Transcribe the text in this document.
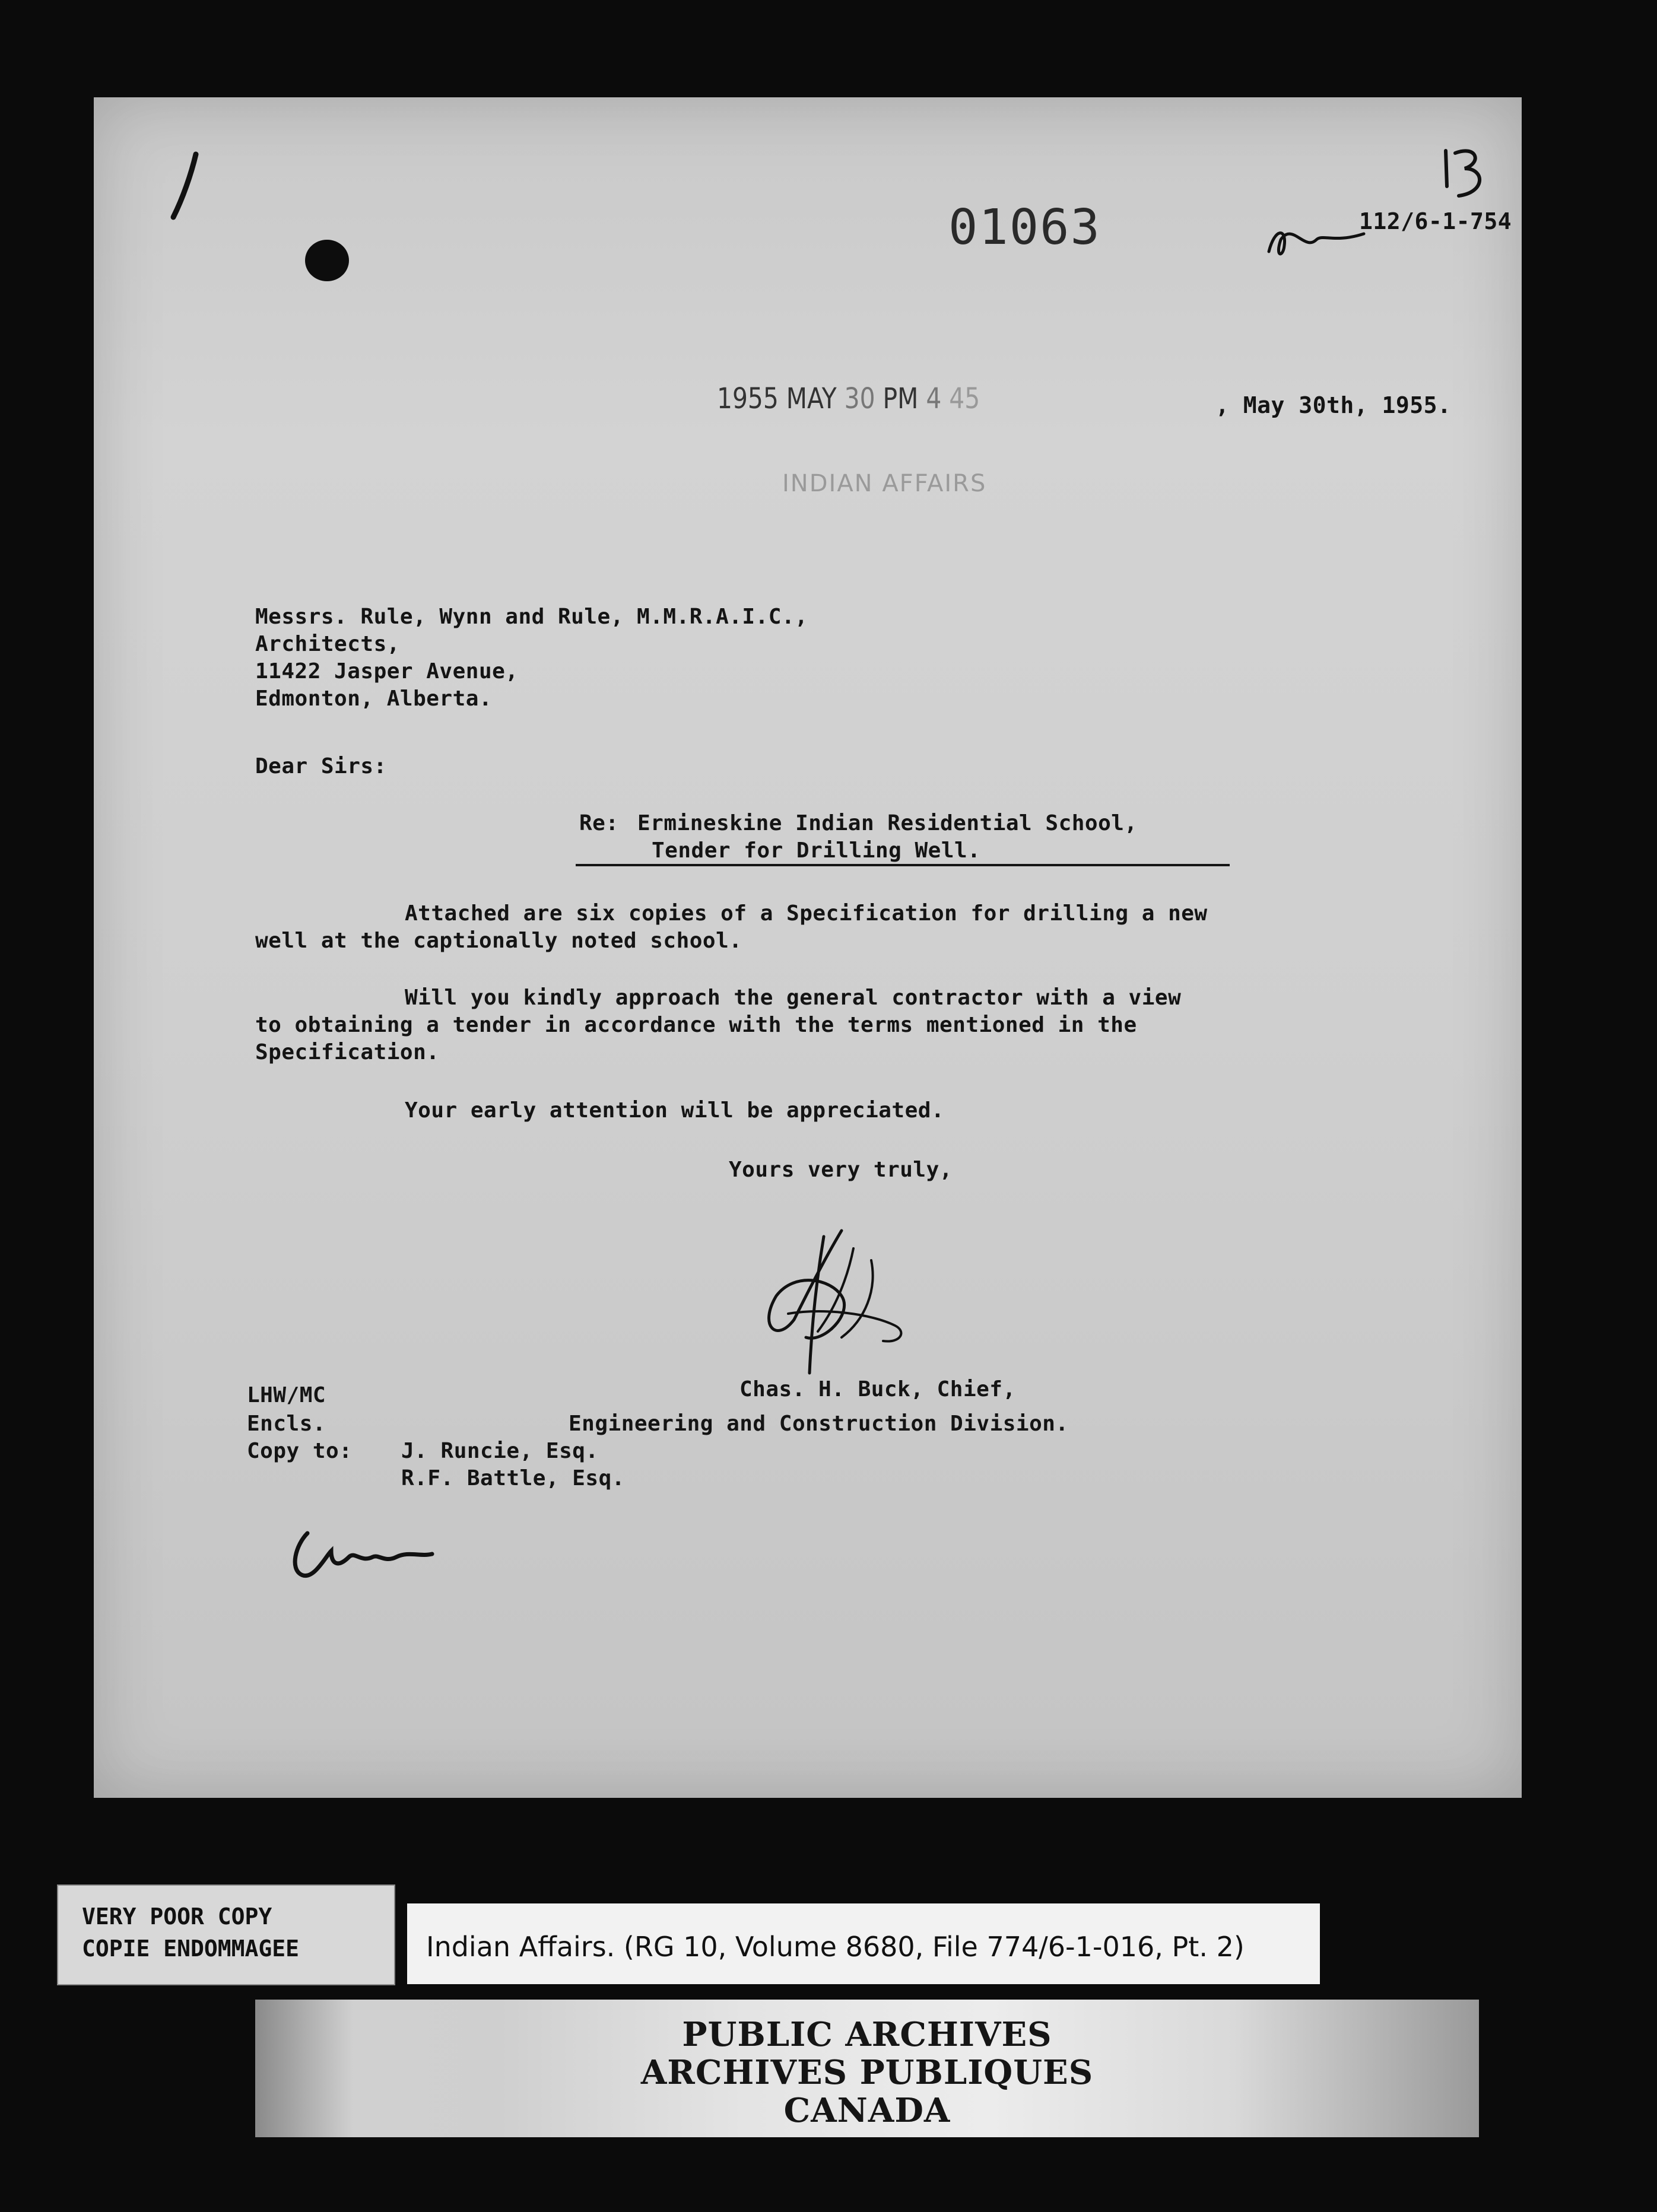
01063	112/6-1-754
1955 MAY 30 PM 4 45	, May 30th, 1955.
INDIAN AFFAIRS
Messrs. Rule, Wynn and Rule, M.M.R.A.I.C.,
Architects,
11422 Jasper Avenue,
Edmonton, Alberta.
Dear Sirs:
Re: Ermineskine Indian Residential School,
Tender for Drilling Well.
Attached are six copies of a Specification for drilling a new
well at the captionally noted school.
Will you kindly approach the general contractor with a view
to obtaining a tender in accordance with the terms mentioned in the
Specification.
Your early attention will be appreciated.
Yours very truly,
LHW/MC	Chas. H. Buck, Chief,
Encls.	Engineering and Construction Division.
Copy to: J. Runcie, Esq.
R.F. Battle, Esq.
VERY POOR COPY
COPIE ENDOMMAGEE	Indian Affairs. (RG 10, Volume 8680, File 774/6-1-016, Pt. 2)
PUBLIC ARCHIVES
ARCHIVES PUBLIQUES
CANADA
